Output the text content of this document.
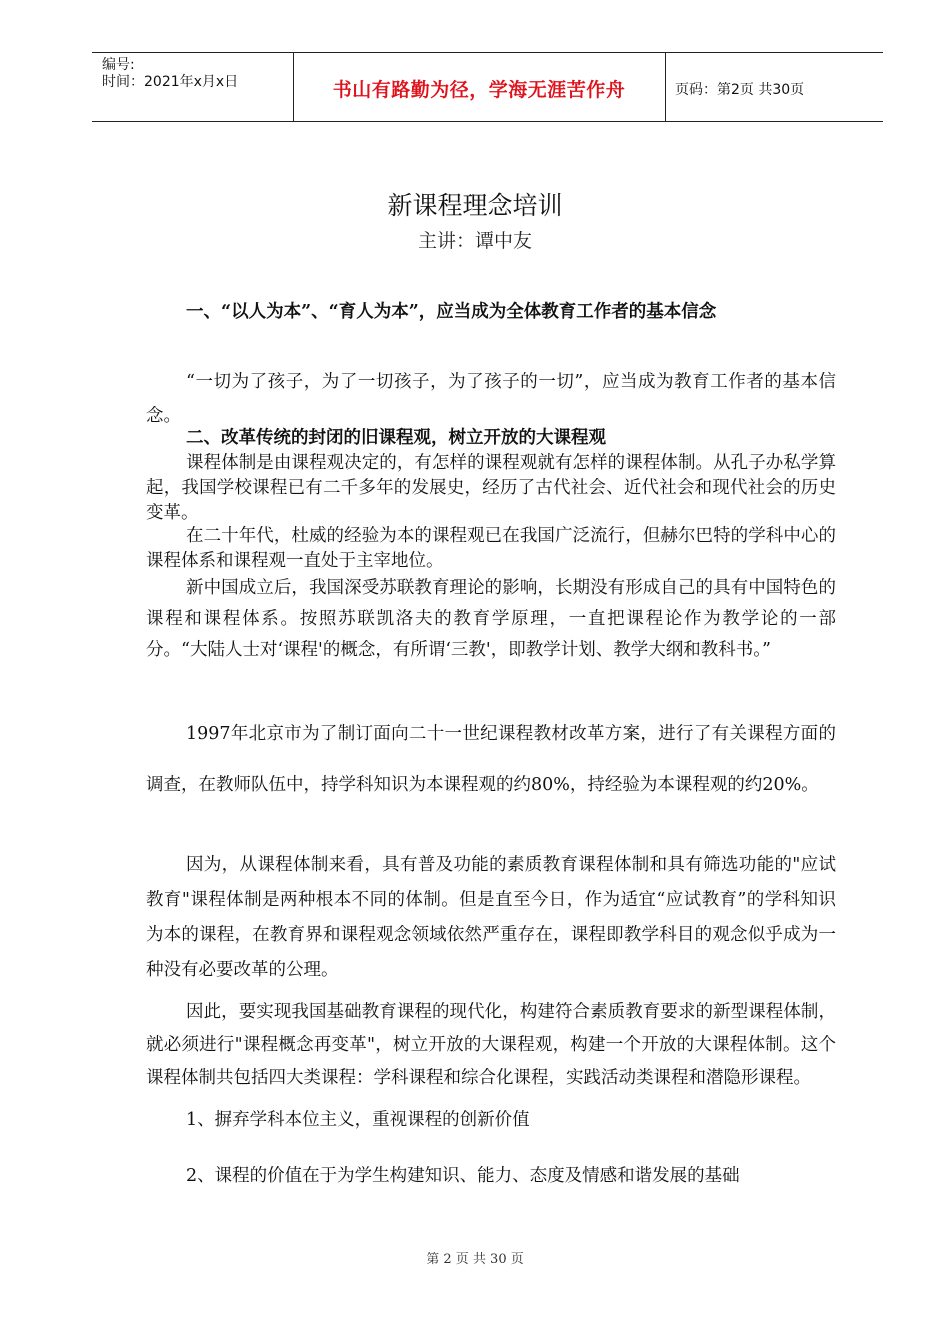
编号:
时间：2021年x月x日	书山有路勤为径，学海无涯苦作舟	页码：第2页 共30页
新课程理念培训
主讲：谭中友
一、“以人为本”、“育人为本”，应当成为全体教育工作者的基本信念
“一切为了孩子，为了一切孩子，为了孩子的一切”，应当成为教育工作者的基本信念。
二、改革传统的封闭的旧课程观，树立开放的大课程观
课程体制是由课程观决定的，有怎样的课程观就有怎样的课程体制。从孔子办私学算起，我国学校课程已有二千多年的发展史，经历了古代社会、近代社会和现代社会的历史变革。
在二十年代，杜威的经验为本的课程观已在我国广泛流行，但赫尔巴特的学科中心的课程体系和课程观一直处于主宰地位。
新中国成立后，我国深受苏联教育理论的影响，长期没有形成自己的具有中国特色的课程和课程体系。按照苏联凯洛夫的教育学原理，一直把课程论作为教学论的一部分。“大陆人士对‘课程'的概念，有所谓‘三教'，即教学计划、教学大纲和教科书。”
1997年北京市为了制订面向二十一世纪课程教材改革方案，进行了有关课程方面的调查，在教师队伍中，持学科知识为本课程观的约80%，持经验为本课程观的约20%。
因为，从课程体制来看，具有普及功能的素质教育课程体制和具有筛选功能的"应试教育"课程体制是两种根本不同的体制。但是直至今日，作为适宜“应试教育”的学科知识为本的课程，在教育界和课程观念领域依然严重存在，课程即教学科目的观念似乎成为一种没有必要改革的公理。
因此，要实现我国基础教育课程的现代化，构建符合素质教育要求的新型课程体制，就必须进行"课程概念再变革"，树立开放的大课程观，构建一个开放的大课程体制。这个课程体制共包括四大类课程：学科课程和综合化课程，实践活动类课程和潜隐形课程。
1、摒弃学科本位主义，重视课程的创新价值
2、课程的价值在于为学生构建知识、能力、态度及情感和谐发展的基础
第 2 页 共 30 页
